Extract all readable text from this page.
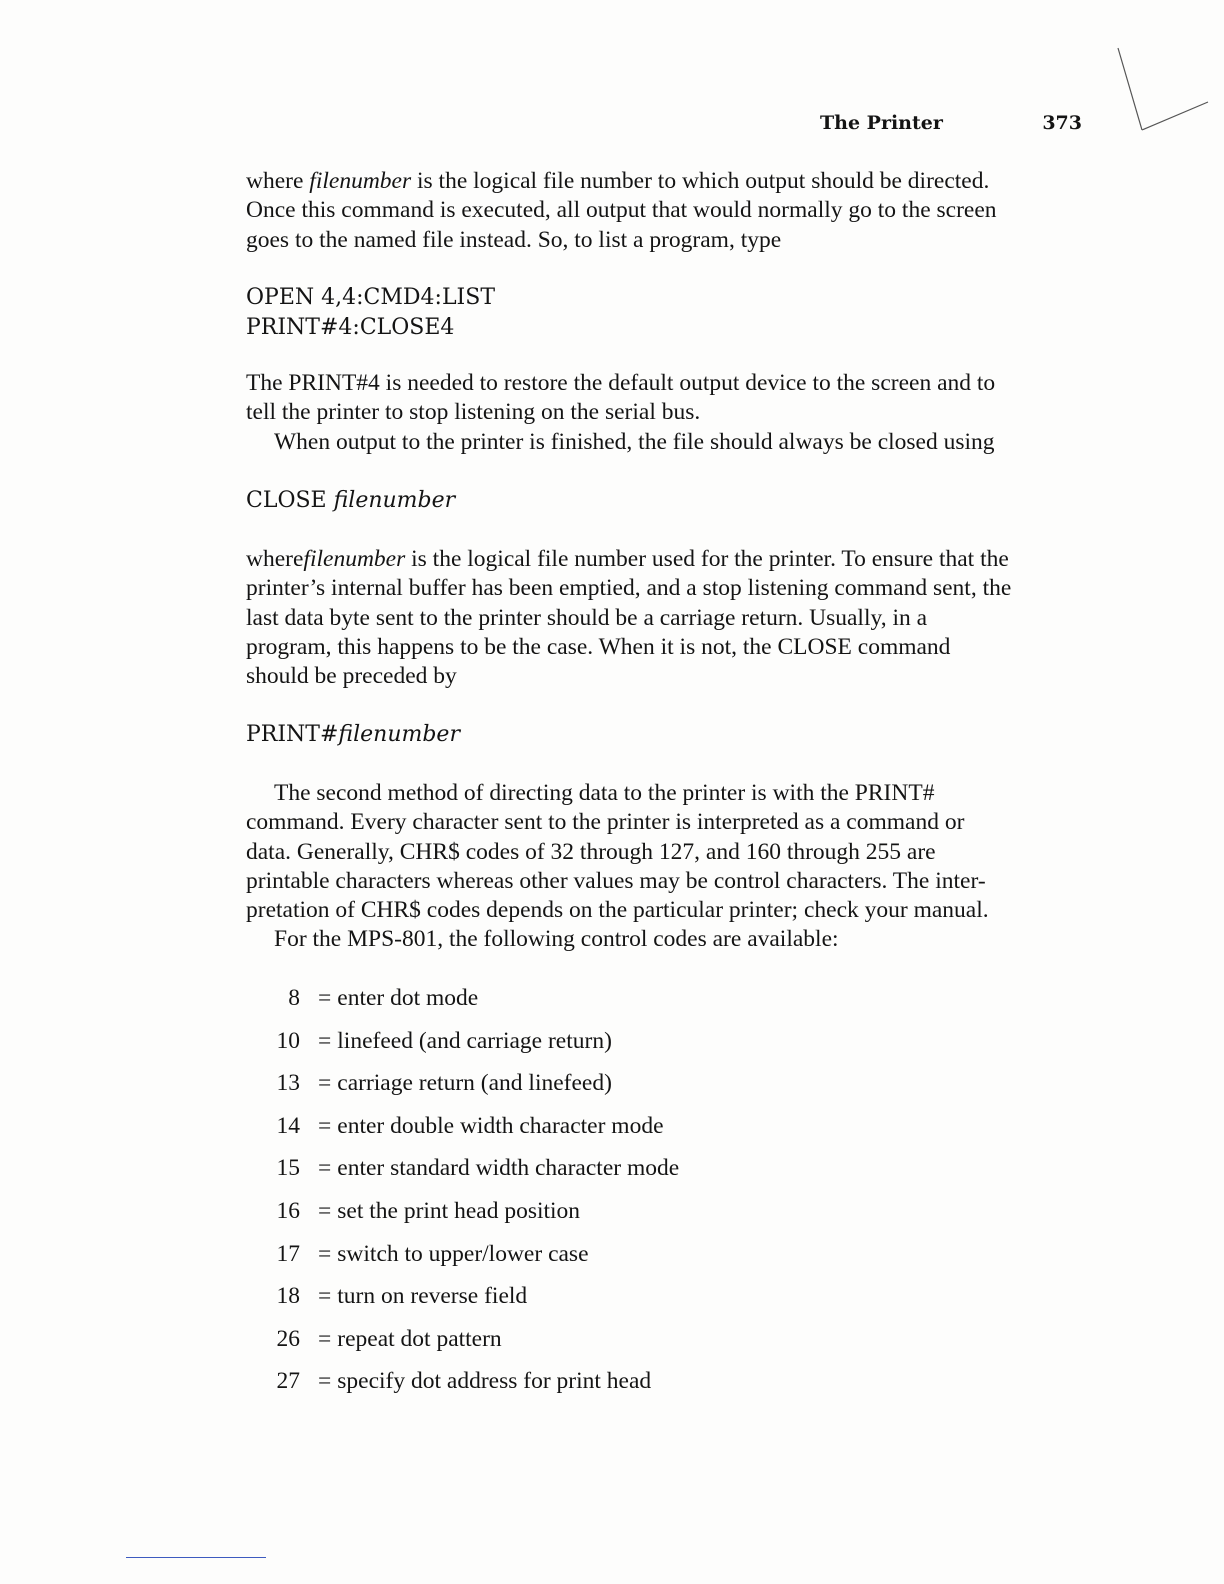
The Printer	373

where filenumber is the logical file number to which output should be directed.
Once this command is executed, all output that would normally go to the screen
goes to the named file instead. So, to list a program, type

OPEN 4,4:CMD4:LIST
PRINT#4:CLOSE4

The PRINT#4 is needed to restore the default output device to the screen and to
tell the printer to stop listening on the serial bus.
When output to the printer is finished, the file should always be closed using

CLOSE filenumber

wherefilenumber is the logical file number used for the printer. To ensure that the
printer’s internal buffer has been emptied, and a stop listening command sent, the
last data byte sent to the printer should be a carriage return. Usually, in a
program, this happens to be the case. When it is not, the CLOSE command
should be preceded by

PRINT#filenumber

The second method of directing data to the printer is with the PRINT#
command. Every character sent to the printer is interpreted as a command or
data. Generally, CHR$ codes of 32 through 127, and 160 through 255 are
printable characters whereas other values may be control characters. The inter-
pretation of CHR$ codes depends on the particular printer; check your manual.
For the MPS-801, the following control codes are available:

8 = enter dot mode
10 = linefeed (and carriage return)
13 = carriage return (and linefeed)
14 = enter double width character mode
15 = enter standard width character mode
16 = set the print head position
17 = switch to upper/lower case
18 = turn on reverse field
26 = repeat dot pattern
27 = specify dot address for print head
